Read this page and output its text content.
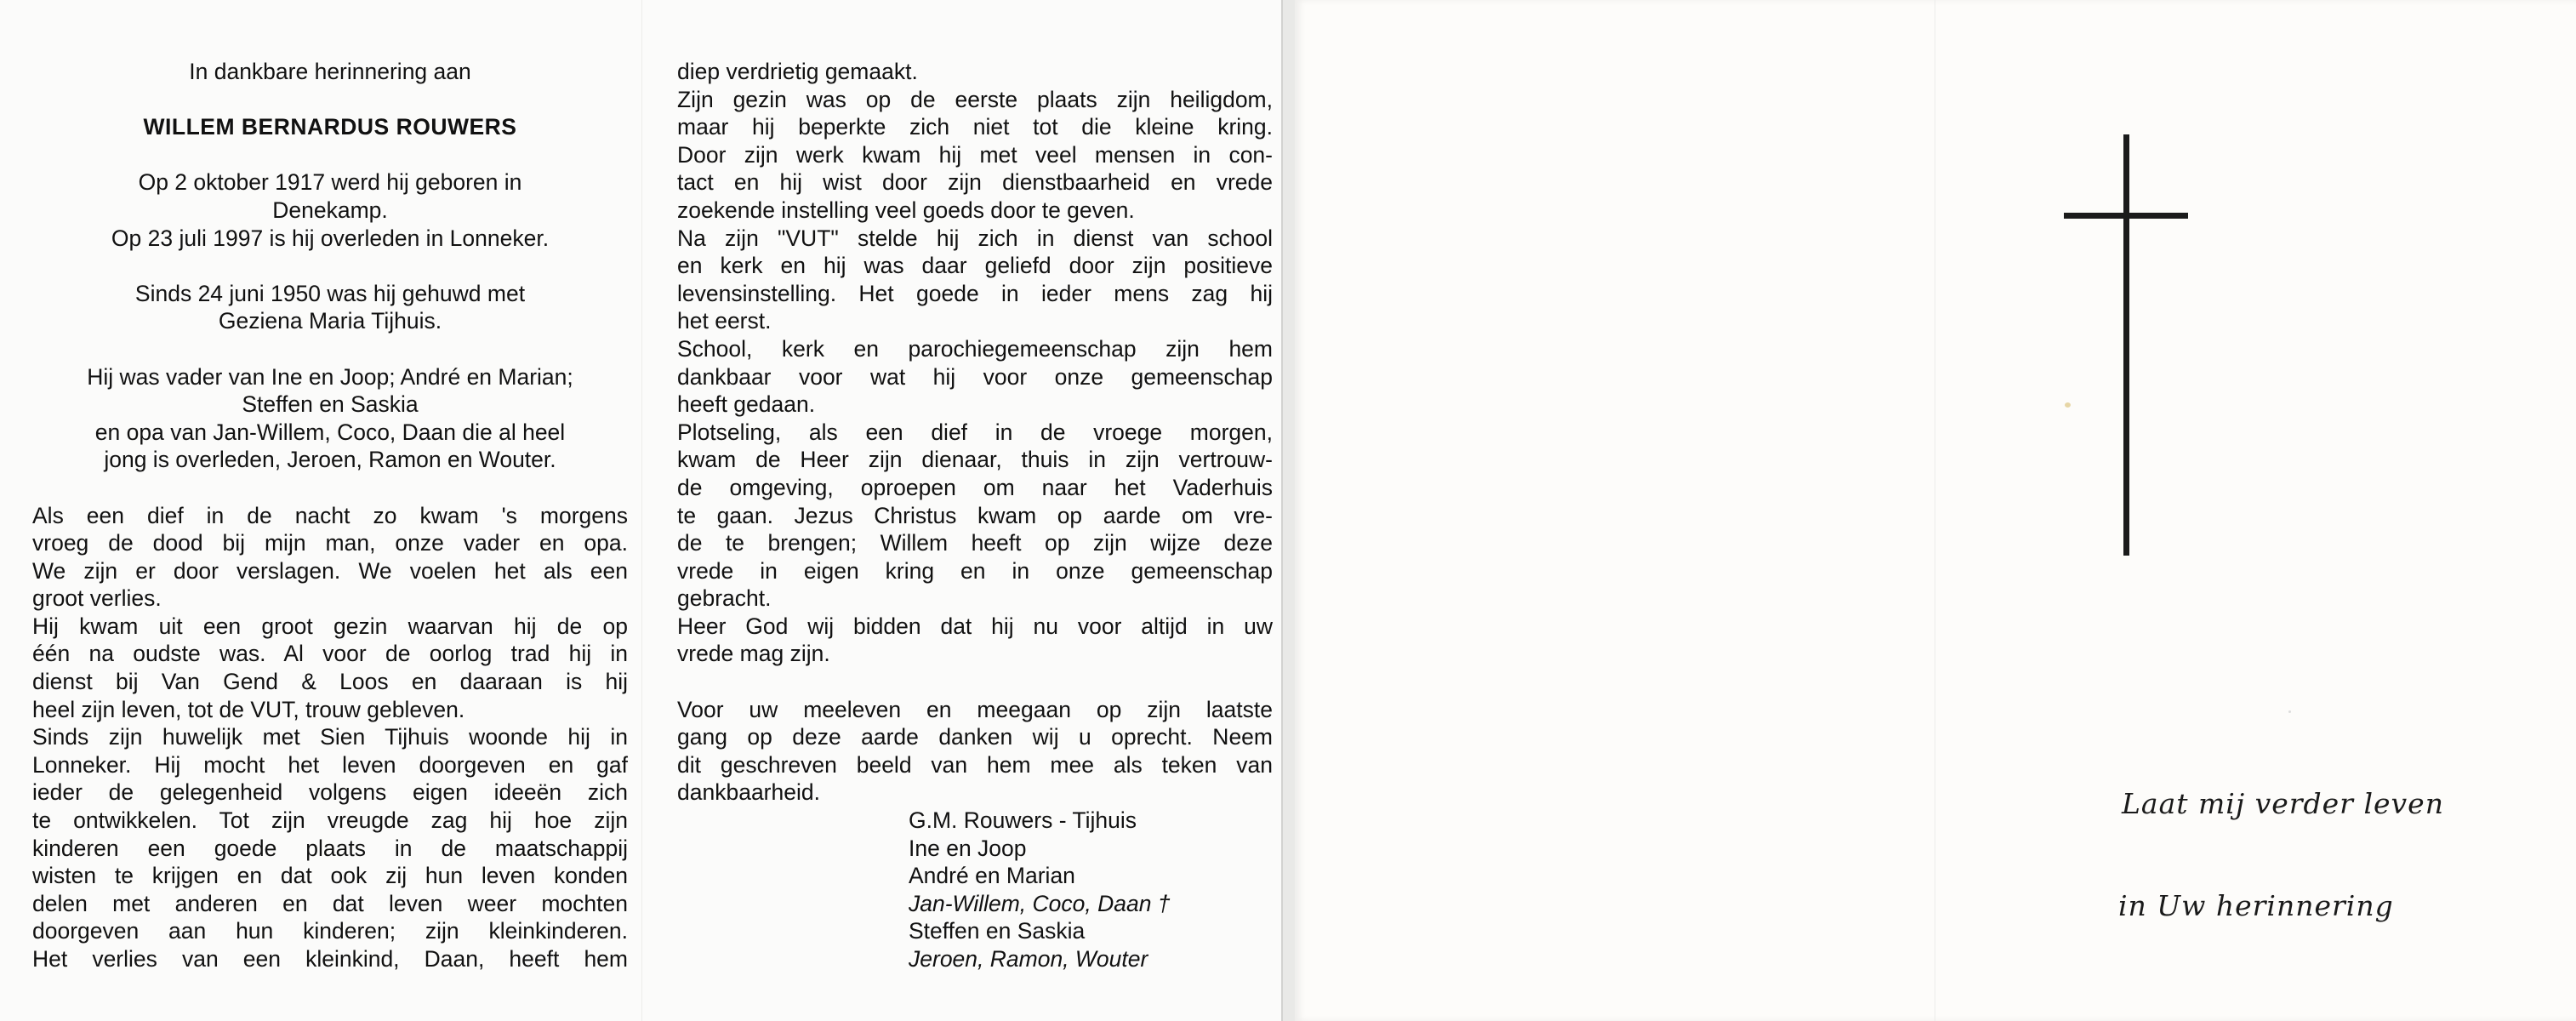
In dankbare herinnering aan
WILLEM BERNARDUS ROUWERS
Op 2 oktober 1917 werd hij geboren in
Denekamp.
Op 23 juli 1997 is hij overleden in Lonneker.
Sinds 24 juni 1950 was hij gehuwd met
Geziena Maria Tijhuis.
Hij was vader van Ine en Joop; André en Marian;
Steffen en Saskia
en opa van Jan-Willem, Coco, Daan die al heel
jong is overleden, Jeroen, Ramon en Wouter.
Als een dief in de nacht zo kwam 's morgens
vroeg de dood bij mijn man, onze vader en opa.
We zijn er door verslagen. We voelen het als een
groot verlies.
Hij kwam uit een groot gezin waarvan hij de op
één na oudste was. Al voor de oorlog trad hij in
dienst bij Van Gend & Loos en daaraan is hij
heel zijn leven, tot de VUT, trouw gebleven.
Sinds zijn huwelijk met Sien Tijhuis woonde hij in
Lonneker. Hij mocht het leven doorgeven en gaf
ieder de gelegenheid volgens eigen ideeën zich
te ontwikkelen. Tot zijn vreugde zag hij hoe zijn
kinderen een goede plaats in de maatschappij
wisten te krijgen en dat ook zij hun leven konden
delen met anderen en dat leven weer mochten
doorgeven aan hun kinderen; zijn kleinkinderen.
Het verlies van een kleinkind, Daan, heeft hem
diep verdrietig gemaakt.
Zijn gezin was op de eerste plaats zijn heiligdom,
maar hij beperkte zich niet tot die kleine kring.
Door zijn werk kwam hij met veel mensen in con-
tact en hij wist door zijn dienstbaarheid en vrede
zoekende instelling veel goeds door te geven.
Na zijn "VUT" stelde hij zich in dienst van school
en kerk en hij was daar geliefd door zijn positieve
levensinstelling. Het goede in ieder mens zag hij
het eerst.
School, kerk en parochiegemeenschap zijn hem
dankbaar voor wat hij voor onze gemeenschap
heeft gedaan.
Plotseling, als een dief in de vroege morgen,
kwam de Heer zijn dienaar, thuis in zijn vertrouw-
de omgeving, oproepen om naar het Vaderhuis
te gaan. Jezus Christus kwam op aarde om vre-
de te brengen; Willem heeft op zijn wijze deze
vrede in eigen kring en in onze gemeenschap
gebracht.
Heer God wij bidden dat hij nu voor altijd in uw
vrede mag zijn.
Voor uw meeleven en meegaan op zijn laatste
gang op deze aarde danken wij u oprecht. Neem
dit geschreven beeld van hem mee als teken van
dankbaarheid.
G.M. Rouwers - Tijhuis
Ine en Joop
André en Marian
Jan-Willem, Coco, Daan †
Steffen en Saskia
Jeroen, Ramon, Wouter
Laat mij verder leven
in Uw herinnering
